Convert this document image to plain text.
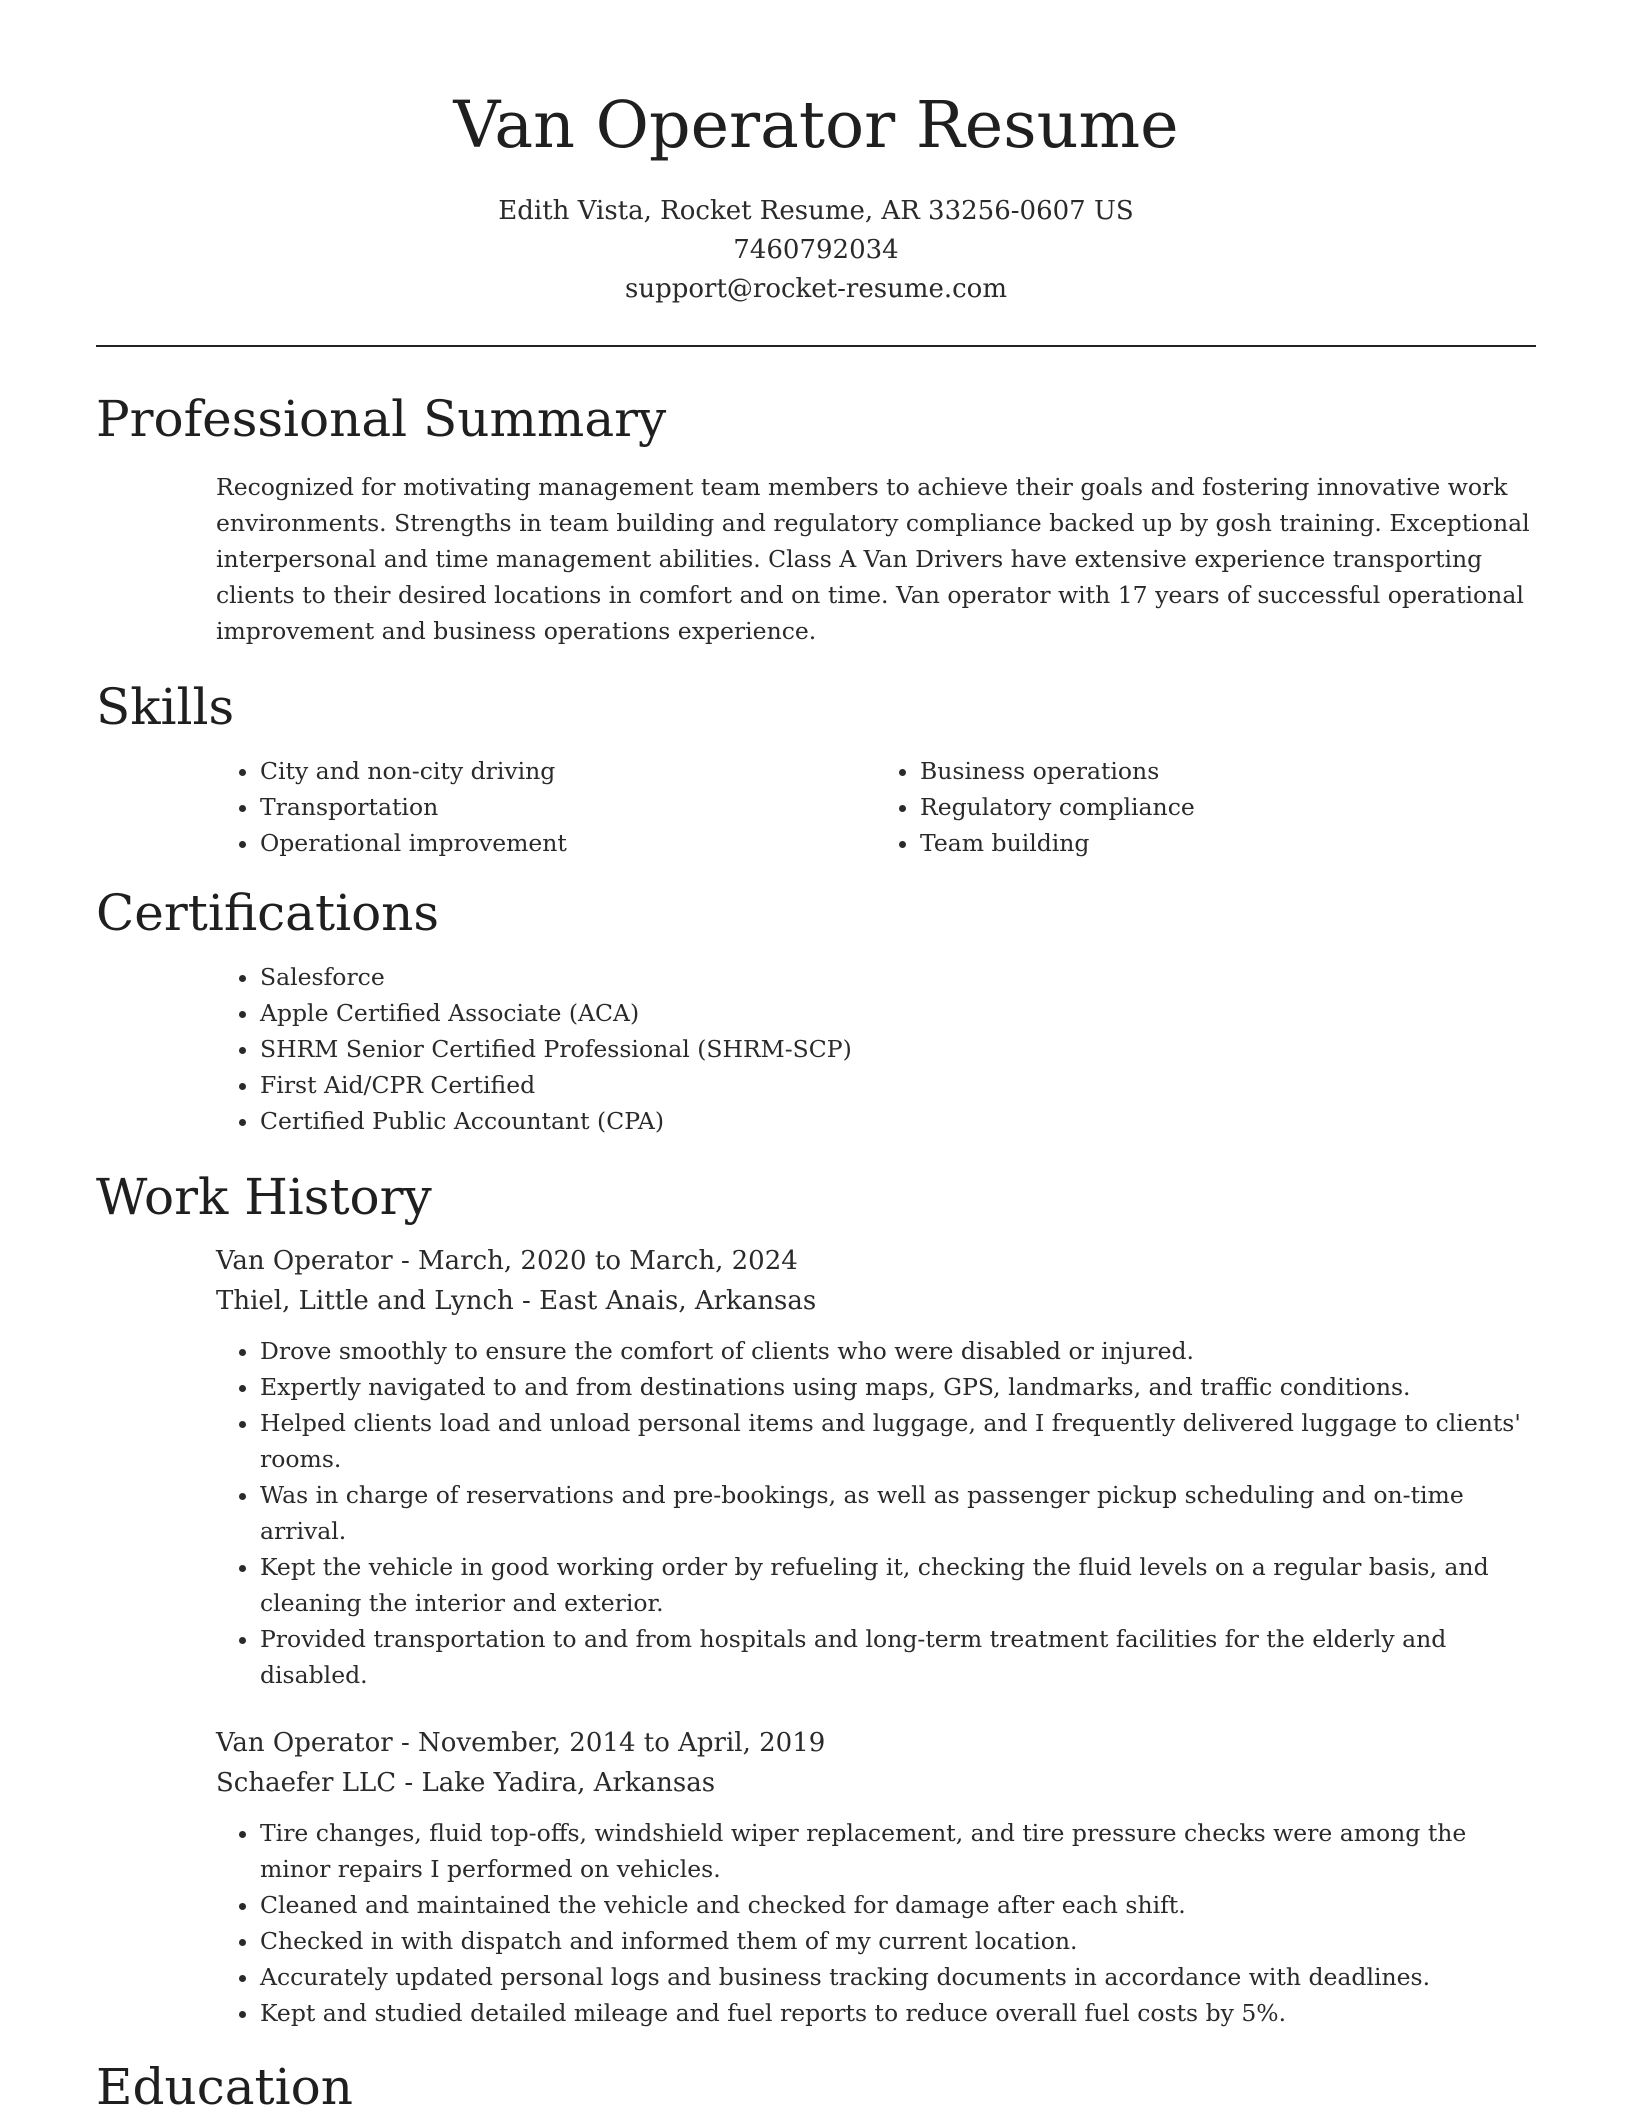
Van Operator Resume
Edith Vista, Rocket Resume, AR 33256-0607 US
7460792034
support@rocket-resume.com
Professional Summary

Recognized for motivating management team members to achieve their goals and fostering innovative work environments. Strengths in team building and regulatory compliance backed up by gosh training. Exceptional interpersonal and time management abilities. Class A Van Drivers have extensive experience transporting clients to their desired locations in comfort and on time. Van operator with 17 years of successful operational improvement and business operations experience.

Skills
• City and non-city driving
• Transportation
• Operational improvement
• Business operations
• Regulatory compliance
• Team building
Certifications
• Salesforce
• Apple Certified Associate (ACA)
• SHRM Senior Certified Professional (SHRM-SCP)
• First Aid/CPR Certified
• Certified Public Accountant (CPA)
Work History
Van Operator - March, 2020 to March, 2024
Thiel, Little and Lynch - East Anais, Arkansas
• Drove smoothly to ensure the comfort of clients who were disabled or injured.
• Expertly navigated to and from destinations using maps, GPS, landmarks, and traffic conditions.
• Helped clients load and unload personal items and luggage, and I frequently delivered luggage to clients' rooms.
• Was in charge of reservations and pre-bookings, as well as passenger pickup scheduling and on-time arrival.
• Kept the vehicle in good working order by refueling it, checking the fluid levels on a regular basis, and cleaning the interior and exterior.
• Provided transportation to and from hospitals and long-term treatment facilities for the elderly and disabled.
Van Operator - November, 2014 to April, 2019
Schaefer LLC - Lake Yadira, Arkansas
• Tire changes, fluid top-offs, windshield wiper replacement, and tire pressure checks were among the minor repairs I performed on vehicles.
• Cleaned and maintained the vehicle and checked for damage after each shift.
• Checked in with dispatch and informed them of my current location.
• Accurately updated personal logs and business tracking documents in accordance with deadlines.
• Kept and studied detailed mileage and fuel reports to reduce overall fuel costs by 5%.
Education
